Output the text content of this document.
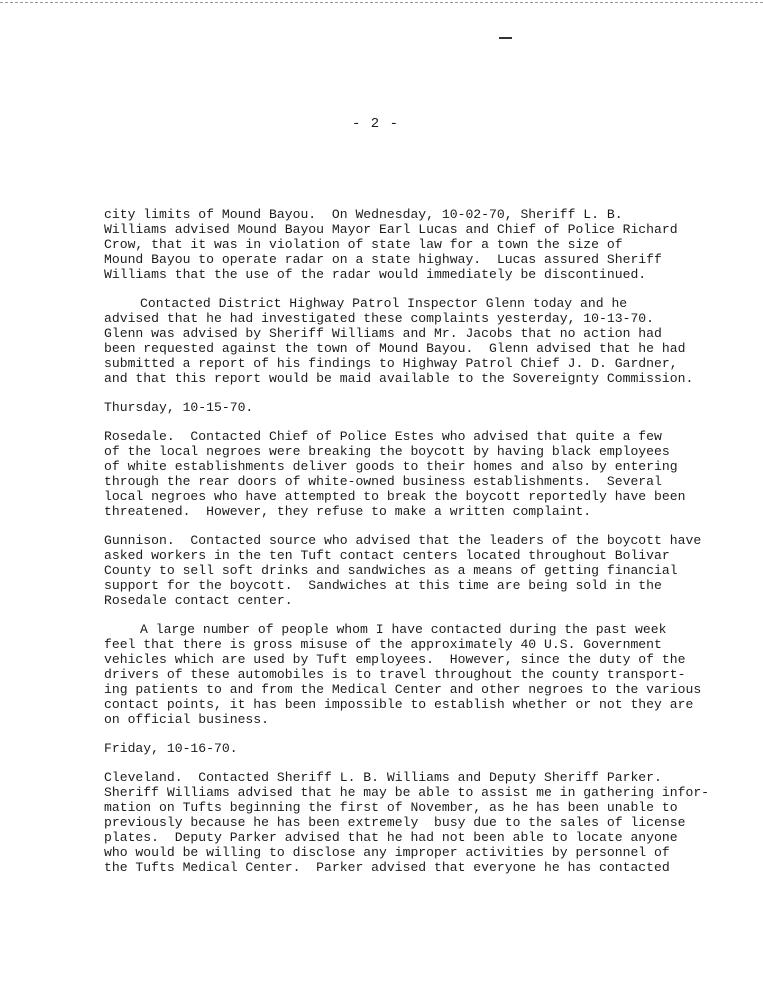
- 2 -
city limits of Mound Bayou.  On Wednesday, 10-02-70, Sheriff L. B.
Williams advised Mound Bayou Mayor Earl Lucas and Chief of Police Richard
Crow, that it was in violation of state law for a town the size of
Mound Bayou to operate radar on a state highway.  Lucas assured Sheriff
Williams that the use of the radar would immediately be discontinued.
Contacted District Highway Patrol Inspector Glenn today and he
advised that he had investigated these complaints yesterday, 10-13-70.
Glenn was advised by Sheriff Williams and Mr. Jacobs that no action had
been requested against the town of Mound Bayou.  Glenn advised that he had
submitted a report of his findings to Highway Patrol Chief J. D. Gardner,
and that this report would be maid available to the Sovereignty Commission.
Thursday, 10-15-70.
Rosedale.  Contacted Chief of Police Estes who advised that quite a few
of the local negroes were breaking the boycott by having black employees
of white establishments deliver goods to their homes and also by entering
through the rear doors of white-owned business establishments.  Several
local negroes who have attempted to break the boycott reportedly have been
threatened.  However, they refuse to make a written complaint.
Gunnison.  Contacted source who advised that the leaders of the boycott have
asked workers in the ten Tuft contact centers located throughout Bolivar
County to sell soft drinks and sandwiches as a means of getting financial
support for the boycott.  Sandwiches at this time are being sold in the
Rosedale contact center.
A large number of people whom I have contacted during the past week
feel that there is gross misuse of the approximately 40 U.S. Government
vehicles which are used by Tuft employees.  However, since the duty of the
drivers of these automobiles is to travel throughout the county transport-
ing patients to and from the Medical Center and other negroes to the various
contact points, it has been impossible to establish whether or not they are
on official business.
Friday, 10-16-70.
Cleveland.  Contacted Sheriff L. B. Williams and Deputy Sheriff Parker.
Sheriff Williams advised that he may be able to assist me in gathering infor-
mation on Tufts beginning the first of November, as he has been unable to
previously because he has been extremely  busy due to the sales of license
plates.  Deputy Parker advised that he had not been able to locate anyone
who would be willing to disclose any improper activities by personnel of
the Tufts Medical Center.  Parker advised that everyone he has contacted
